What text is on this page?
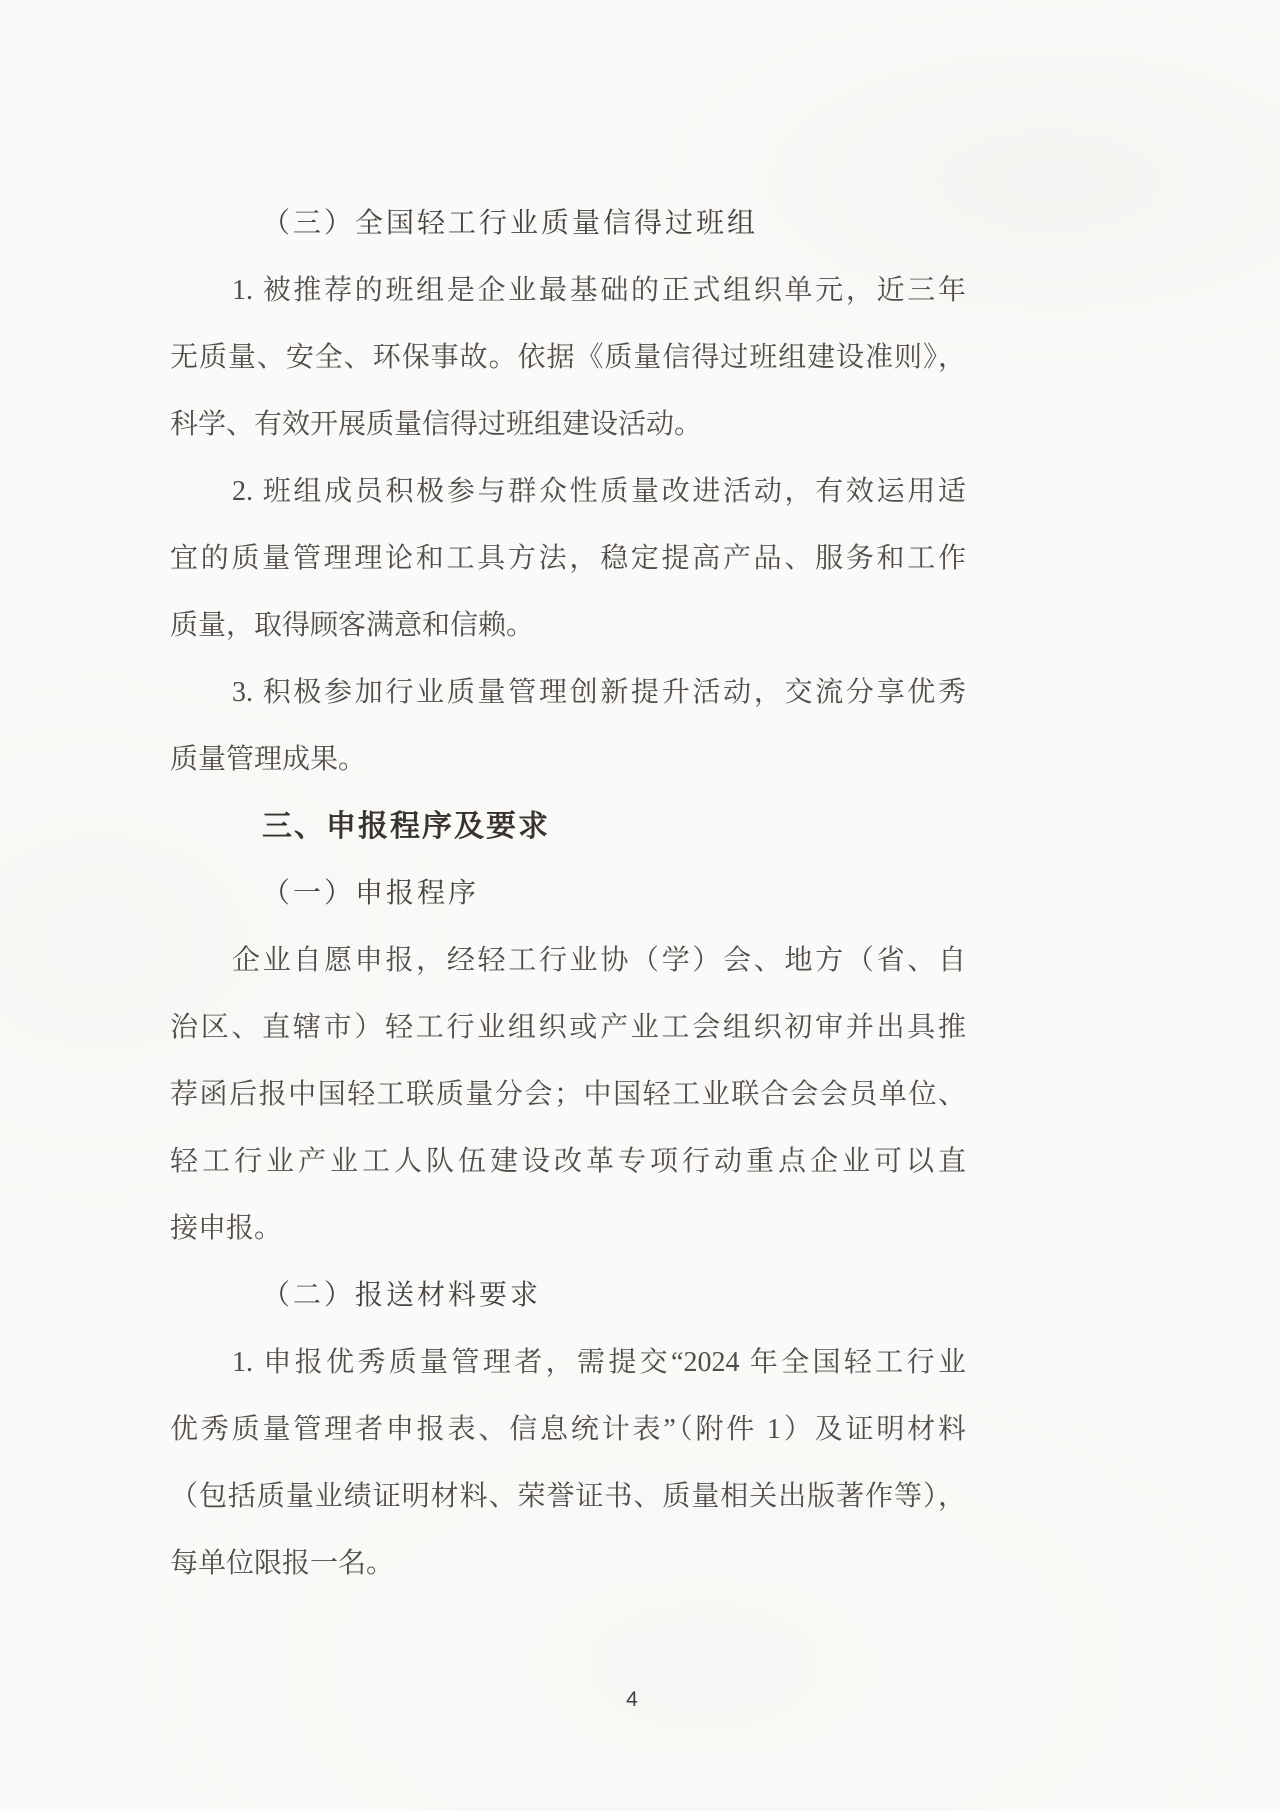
（三）全国轻工行业质量信得过班组
1. 被推荐的班组是企业最基础的正式组织单元，近三年
无质量、安全、环保事故。依据《质量信得过班组建设准则》，
科学、有效开展质量信得过班组建设活动。
2. 班组成员积极参与群众性质量改进活动，有效运用适
宜的质量管理理论和工具方法，稳定提高产品、服务和工作
质量，取得顾客满意和信赖。
3. 积极参加行业质量管理创新提升活动，交流分享优秀
质量管理成果。
三、申报程序及要求
（一）申报程序
企业自愿申报，经轻工行业协（学）会、地方（省、自
治区、直辖市）轻工行业组织或产业工会组织初审并出具推
荐函后报中国轻工联质量分会；中国轻工业联合会会员单位、
轻工行业产业工人队伍建设改革专项行动重点企业可以直
接申报。
（二）报送材料要求
1. 申报优秀质量管理者，需提交“2024 年全国轻工行业
优秀质量管理者申报表、信息统计表”（附件 1）及证明材料
（包括质量业绩证明材料、荣誉证书、质量相关出版著作等），
每单位限报一名。
4
